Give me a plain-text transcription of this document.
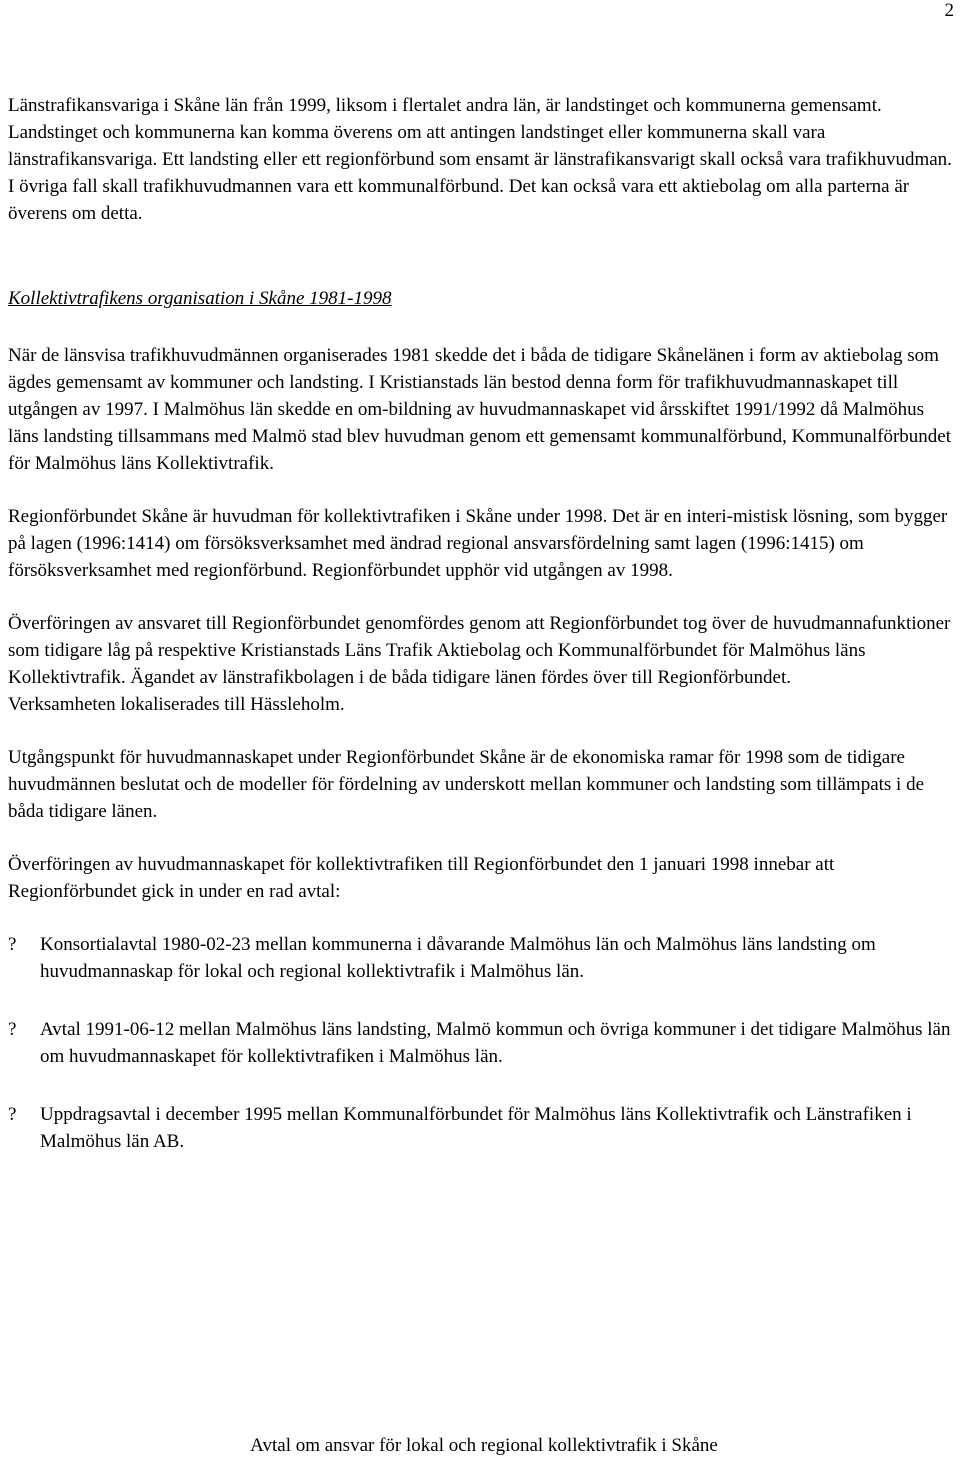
2

Länstrafikansvariga i Skåne län från 1999, liksom i flertalet andra län, är landstinget och kommunerna gemensamt. Landstinget och kommunerna kan komma överens om att antingen landstinget eller kommunerna skall vara länstrafikansvariga. Ett landsting eller ett regionförbund som ensamt är länstrafikansvarigt skall också vara trafikhuvudman. I övriga fall skall trafikhuvudmannen vara ett kommunalförbund. Det kan också vara ett aktiebolag om alla parterna är överens om detta.

Kollektivtrafikens organisation i Skåne 1981-1998

När de länsvisa trafikhuvudmännen organiserades 1981 skedde det i båda de tidigare Skånelänen i form av aktiebolag som ägdes gemensamt av kommuner och landsting. I Kristianstads län bestod denna form för trafikhuvudmannaskapet till utgången av 1997. I Malmöhus län skedde en om-bildning av huvudmannaskapet vid årsskiftet 1991/1992 då Malmöhus läns landsting tillsammans med Malmö stad blev huvudman genom ett gemensamt kommunalförbund, Kommunalförbundet för Malmöhus läns Kollektivtrafik.

Regionförbundet Skåne är huvudman för kollektivtrafiken i Skåne under 1998. Det är en interi-mistisk lösning, som bygger på lagen (1996:1414) om försöksverksamhet med ändrad regional ansvarsfördelning samt lagen (1996:1415) om försöksverksamhet med regionförbund. Regionförbundet upphör vid utgången av 1998.

Överföringen av ansvaret till Regionförbundet genomfördes genom att Regionförbundet tog över de huvudmannafunktioner som tidigare låg på respektive Kristianstads Läns Trafik Aktiebolag och Kommunalförbundet för Malmöhus läns Kollektivtrafik. Ägandet av länstrafikbolagen i de båda tidigare länen fördes över till Regionförbundet.

Verksamheten lokaliserades till Hässleholm.

Utgångspunkt för huvudmannaskapet under Regionförbundet Skåne är de ekonomiska ramar för 1998 som de tidigare huvudmännen beslutat och de modeller för fördelning av underskott mellan kommuner och landsting som tillämpats i de båda tidigare länen.

Överföringen av huvudmannaskapet för kollektivtrafiken till Regionförbundet den 1 januari 1998 innebar att Regionförbundet gick in under en rad avtal:

? Konsortialavtal 1980-02-23 mellan kommunerna i dåvarande Malmöhus län och Malmöhus läns landsting om huvudmannaskap för lokal och regional kollektivtrafik i Malmöhus län.
? Avtal 1991-06-12 mellan Malmöhus läns landsting, Malmö kommun och övriga kommuner i det tidigare Malmöhus län om huvudmannaskapet för kollektivtrafiken i Malmöhus län.
? Uppdragsavtal i december 1995 mellan Kommunalförbundet för Malmöhus läns Kollektivtrafik och Länstrafiken i Malmöhus län AB.
Avtal om ansvar för lokal och regional kollektivtrafik i Skåne
